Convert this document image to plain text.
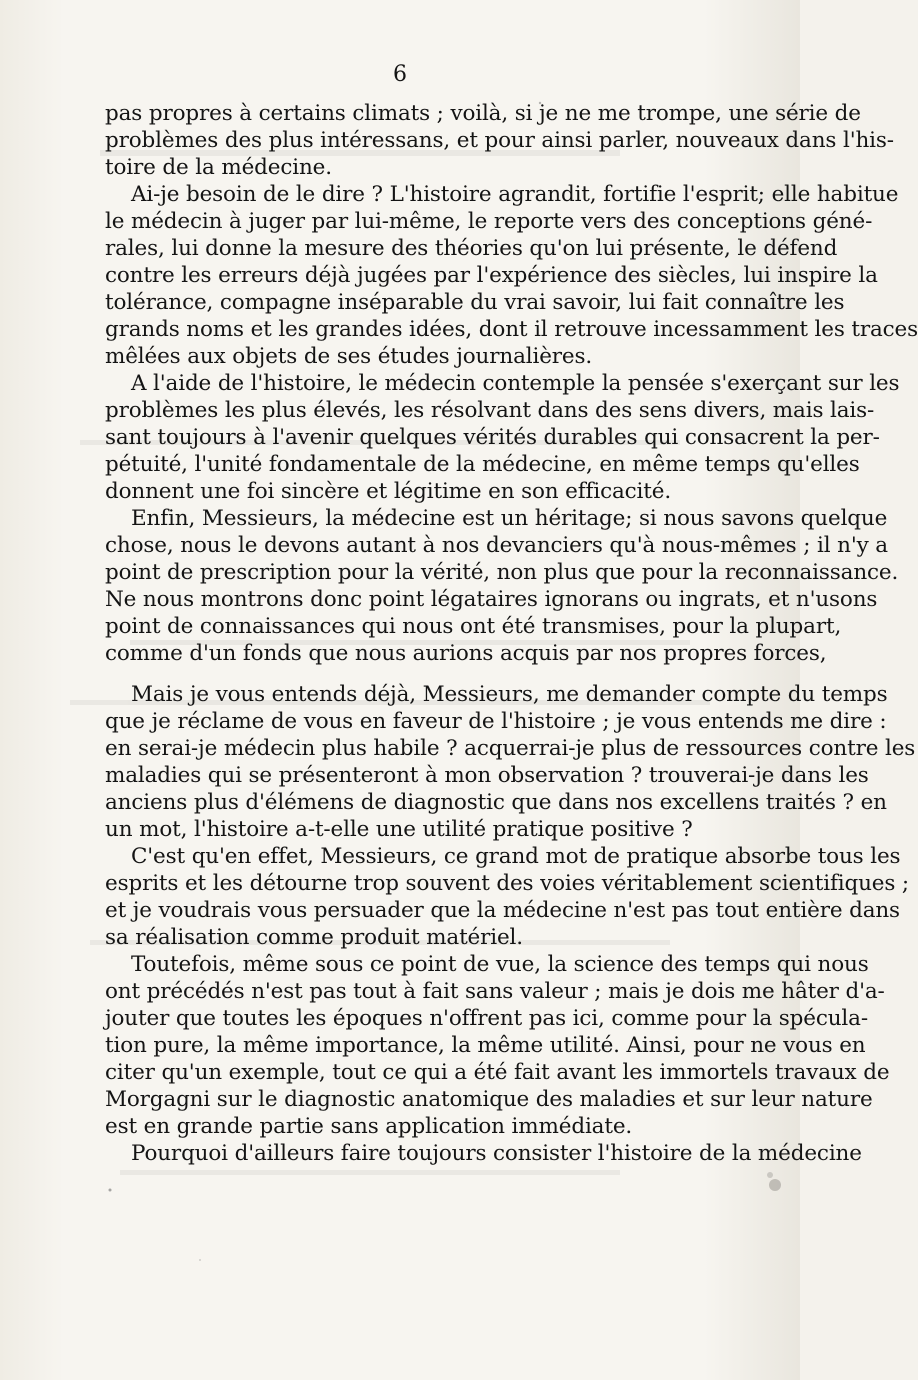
6
pas propres à certains climats ; voilà, si je ne me trompe, une série de
problèmes des plus intéressans, et pour ainsi parler, nouveaux dans l'his-
toire de la médecine.
Ai-je besoin de le dire ? L'histoire agrandit, fortifie l'esprit; elle habitue
le médecin à juger par lui-même, le reporte vers des conceptions géné-
rales, lui donne la mesure des théories qu'on lui présente, le défend
contre les erreurs déjà jugées par l'expérience des siècles, lui inspire la
tolérance, compagne inséparable du vrai savoir, lui fait connaître les
grands noms et les grandes idées, dont il retrouve incessamment les traces
mêlées aux objets de ses études journalières.
A l'aide de l'histoire, le médecin contemple la pensée s'exerçant sur les
problèmes les plus élevés, les résolvant dans des sens divers, mais lais-
sant toujours à l'avenir quelques vérités durables qui consacrent la per-
pétuité, l'unité fondamentale de la médecine, en même temps qu'elles
donnent une foi sincère et légitime en son efficacité.
Enfin, Messieurs, la médecine est un héritage; si nous savons quelque
chose, nous le devons autant à nos devanciers qu'à nous-mêmes ; il n'y a
point de prescription pour la vérité, non plus que pour la reconnaissance.
Ne nous montrons donc point légataires ignorans ou ingrats, et n'usons
point de connaissances qui nous ont été transmises, pour la plupart,
comme d'un fonds que nous aurions acquis par nos propres forces,
Mais je vous entends déjà, Messieurs, me demander compte du temps
que je réclame de vous en faveur de l'histoire ; je vous entends me dire :
en serai-je médecin plus habile ? acquerrai-je plus de ressources contre les
maladies qui se présenteront à mon observation ? trouverai-je dans les
anciens plus d'élémens de diagnostic que dans nos excellens traités ? en
un mot, l'histoire a-t-elle une utilité pratique positive ?
C'est qu'en effet, Messieurs, ce grand mot de pratique absorbe tous les
esprits et les détourne trop souvent des voies véritablement scientifiques ;
et je voudrais vous persuader que la médecine n'est pas tout entière dans
sa réalisation comme produit matériel.
Toutefois, même sous ce point de vue, la science des temps qui nous
ont précédés n'est pas tout à fait sans valeur ; mais je dois me hâter d'a-
jouter que toutes les époques n'offrent pas ici, comme pour la spécula-
tion pure, la même importance, la même utilité. Ainsi, pour ne vous en
citer qu'un exemple, tout ce qui a été fait avant les immortels travaux de
Morgagni sur le diagnostic anatomique des maladies et sur leur nature
est en grande partie sans application immédiate.
Pourquoi d'ailleurs faire toujours consister l'histoire de la médecine
